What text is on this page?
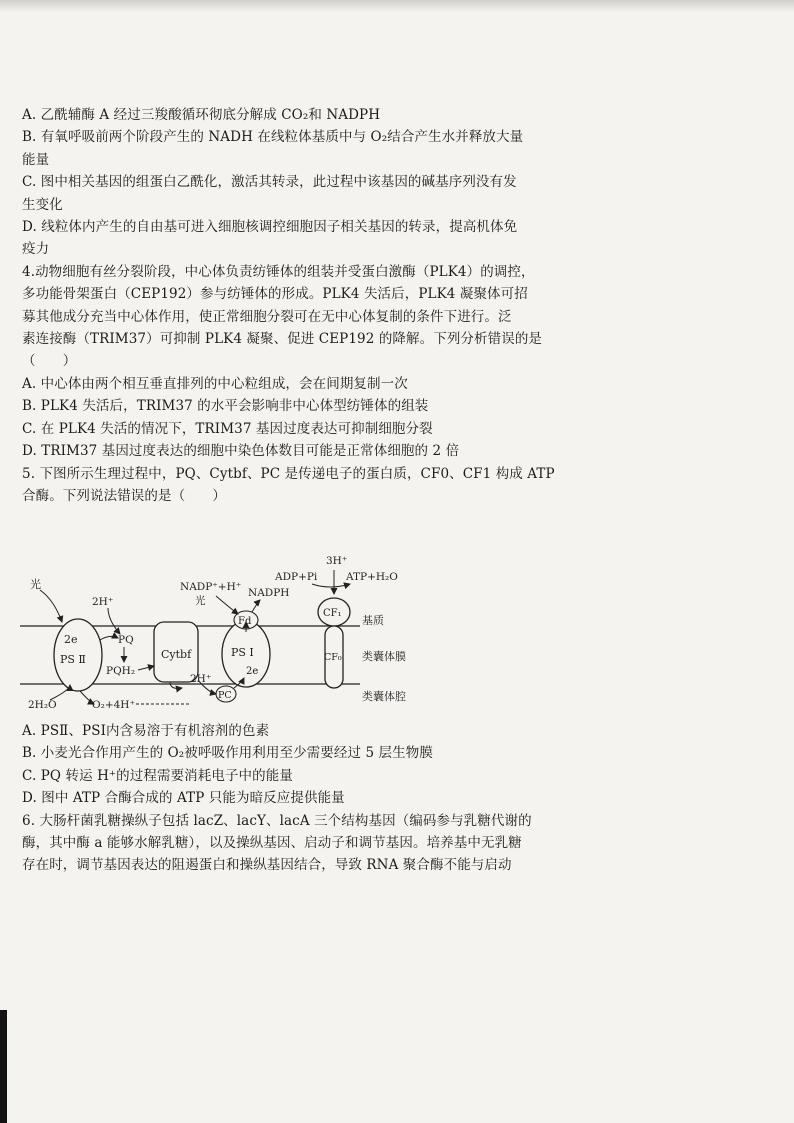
A. 乙酰辅酶 A 经过三羧酸循环彻底分解成 CO₂和 NADPH
B. 有氧呼吸前两个阶段产生的 NADH 在线粒体基质中与 O₂结合产生水并释放大量
能量
C. 图中相关基因的组蛋白乙酰化，激活其转录，此过程中该基因的碱基序列没有发
生变化
D. 线粒体内产生的自由基可进入细胞核调控细胞因子相关基因的转录，提高机体免
疫力
4.动物细胞有丝分裂阶段，中心体负责纺锤体的组装并受蛋白激酶（PLK4）的调控，
多功能骨架蛋白（CEP192）参与纺锤体的形成。PLK4 失活后，PLK4 凝聚体可招
募其他成分充当中心体作用，使正常细胞分裂可在无中心体复制的条件下进行。泛
素连接酶（TRIM37）可抑制 PLK4 凝聚、促进 CEP192 的降解。下列分析错误的是
（　　）
A. 中心体由两个相互垂直排列的中心粒组成，会在间期复制一次
B. PLK4 失活后，TRIM37 的水平会影响非中心体型纺锤体的组装
C. 在 PLK4 失活的情况下，TRIM37 基因过度表达可抑制细胞分裂
D. TRIM37 基因过度表达的细胞中染色体数目可能是正常体细胞的 2 倍
5. 下图所示生理过程中，PQ、Cytbf、PC 是传递电子的蛋白质，CF0、CF1 构成 ATP
合酶。下列说法错误的是（　　）
2e
PS Ⅱ
PQ
PQH₂
Cytbf	PS Ⅰ
2e
Fd
PC
CF₁
CF₀
光
2H⁺
NADP⁺+H⁺
光
NADPH
ADP+Pi	ATP+H₂O
3H⁺
2H₂O	O₂+4H⁺
2H⁺
基质
类囊体膜
类囊体腔
A. PSⅡ、PSⅠ内含易溶于有机溶剂的色素
B. 小麦光合作用产生的 O₂被呼吸作用利用至少需要经过 5 层生物膜
C. PQ 转运 H⁺的过程需要消耗电子中的能量
D. 图中 ATP 合酶合成的 ATP 只能为暗反应提供能量
6. 大肠杆菌乳糖操纵子包括 lacZ、lacY、lacA 三个结构基因（编码参与乳糖代谢的
酶，其中酶 a 能够水解乳糖），以及操纵基因、启动子和调节基因。培养基中无乳糖
存在时，调节基因表达的阻遏蛋白和操纵基因结合，导致 RNA 聚合酶不能与启动
